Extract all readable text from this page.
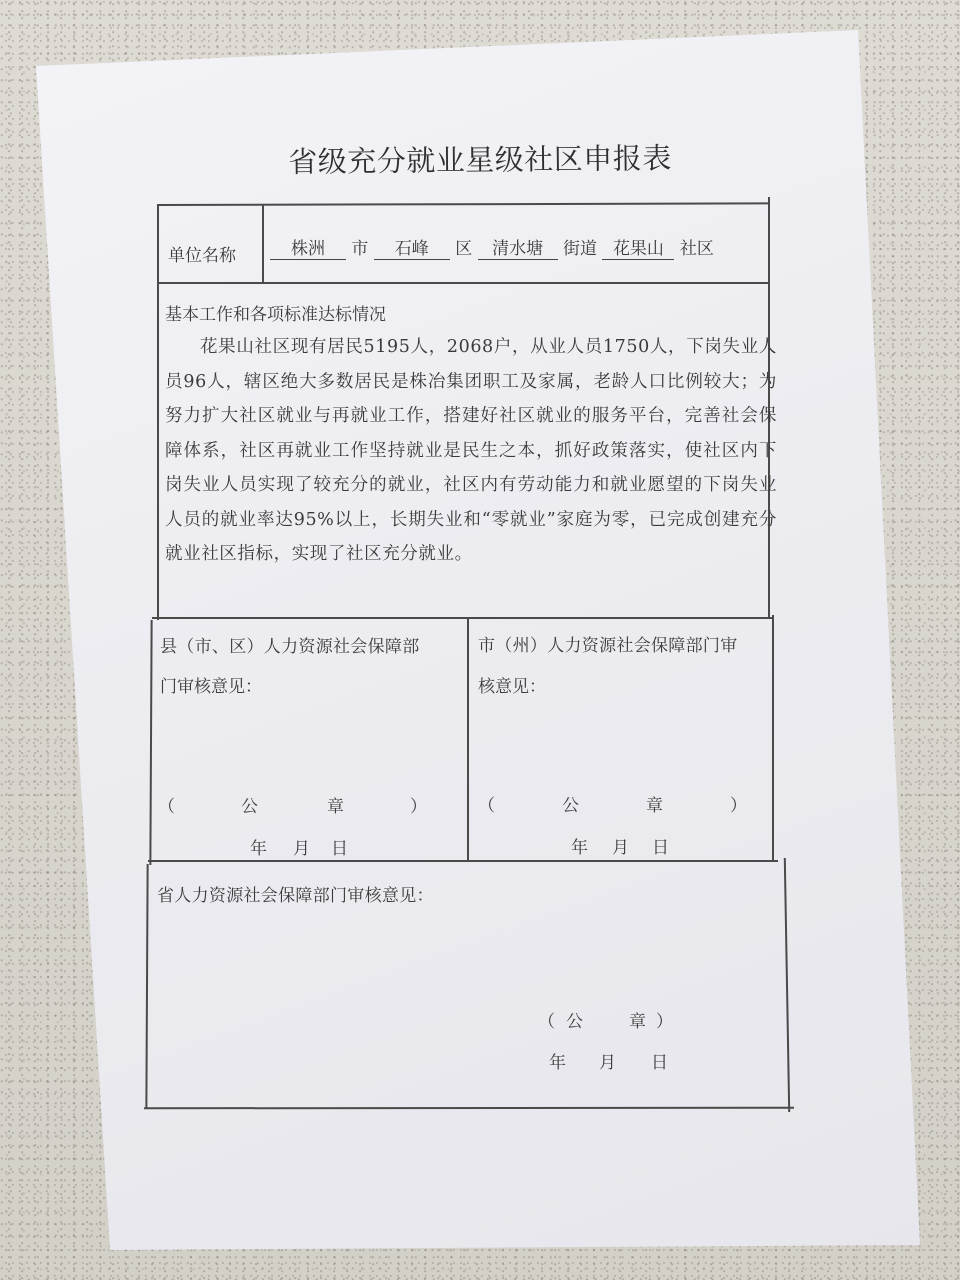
省级充分就业星级社区申报表
单位名称	株洲 市 石峰 区 清水塘 街道 花果山 社区
基本工作和各项标准达标情况
花果山社区现有居民5195人，2068户，从业人员1750人，下岗失业人员96人，辖区绝大多数居民是株冶集团职工及家属，老龄人口比例较大；为努力扩大社区就业与再就业工作，搭建好社区就业的服务平台，完善社会保障体系，社区再就业工作坚持就业是民生之本，抓好政策落实，使社区内下岗失业人员实现了较充分的就业，社区内有劳动能力和就业愿望的下岗失业人员的就业率达95%以上，长期失业和“零就业”家庭为零，已完成创建充分就业社区指标，实现了社区充分就业。
县（市、区）人力资源社会保障部
门审核意见：
（	公	章	）
年 月 日
市（州）人力资源社会保障部门审
核意见：
（	公	章	）
年 月 日
省人力资源社会保障部门审核意见：
（ 公	章 ）
年 月 日
